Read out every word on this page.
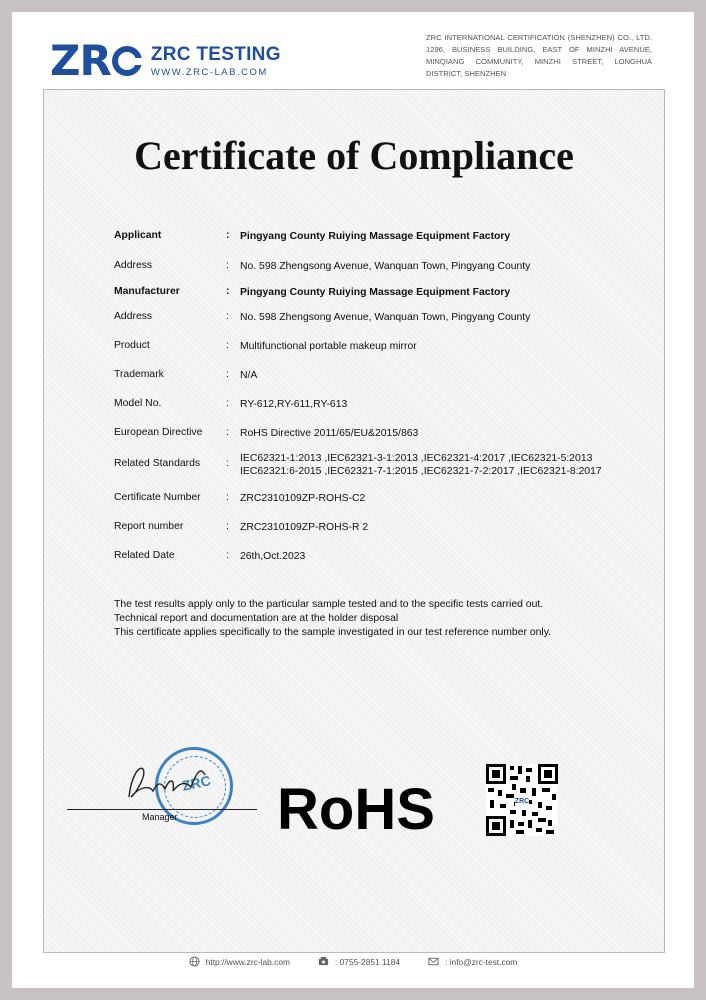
Z R ZRC TESTING
WWW.ZRC-LAB.COM
ZRC INTERNATIONAL CERTIFICATION (SHENZHEN) CO., LTD. 1296, BUSINESS BUILDING, EAST OF MINZHI AVENUE, MINQIANG COMMUNITY, MINZHI STREET, LONGHUA DISTRICT, SHENZHEN
Certificate of Compliance
Applicant	:	Pingyang County Ruiying Massage Equipment Factory
Address	:	No. 598 Zhengsong Avenue, Wanquan Town, Pingyang County
Manufacturer	:	Pingyang County Ruiying Massage Equipment Factory
Address	:	No. 598 Zhengsong Avenue, Wanquan Town, Pingyang County
Product	:	Multifunctional portable makeup mirror
Trademark	:	N/A
Model No.	:	RY-612,RY-611,RY-613
European Directive	:	RoHS Directive 2011/65/EU&2015/863
Related Standards	:	IEC62321-1:2013 ,IEC62321-3-1:2013 ,IEC62321-4:2017 ,IEC62321-5:2013 IEC62321:6-2015 ,IEC62321-7-1:2015 ,IEC62321-7-2:2017 ,IEC62321-8:2017
Certificate Number	:	ZRC2310109ZP-ROHS-C2
Report number	:	ZRC2310109ZP-ROHS-R 2
Related Date	:	26th,Oct.2023
The test results apply only to the particular sample tested and to the specific tests carried out.
Technical report and documentation are at the holder disposal
This certificate applies specifically to the sample investigated in our test reference number only.
ZRC
Manager RoHS	ZRC
http://www.zrc-lab.com	: 0755-2851 1184	: info@zrc-test.com
